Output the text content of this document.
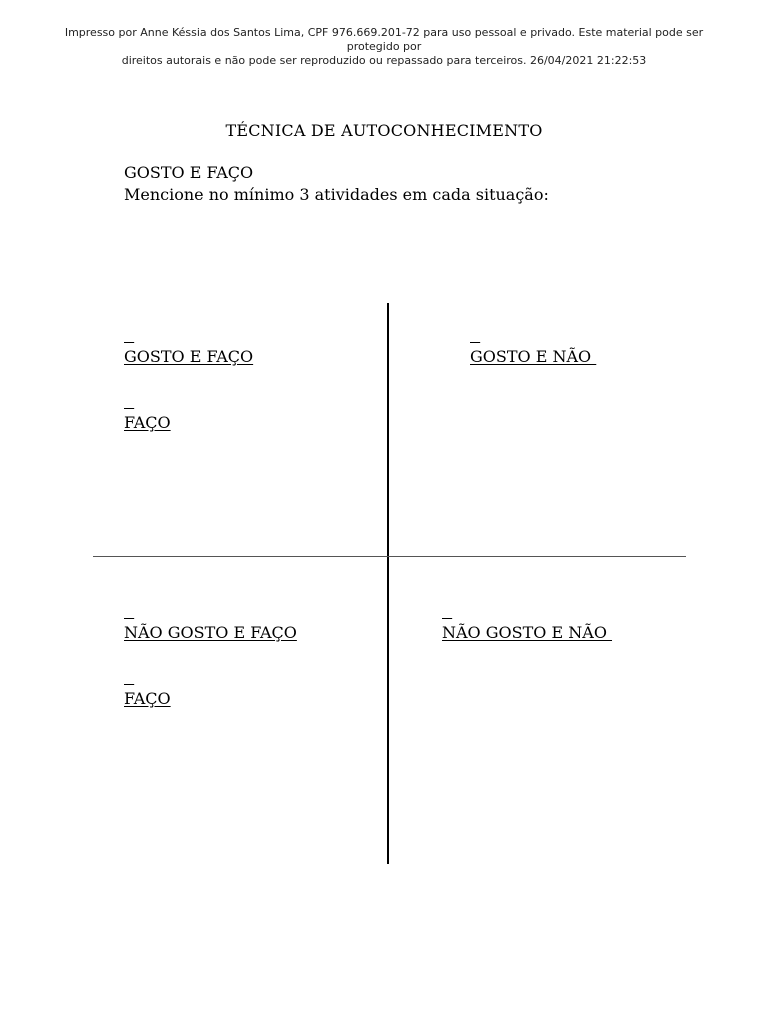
Impresso por Anne Késsia dos Santos Lima, CPF 976.669.201-72 para uso pessoal e privado. Este material pode ser protegido por
direitos autorais e não pode ser reproduzido ou repassado para terceiros. 26/04/2021 21:22:53
TÉCNICA DE AUTOCONHECIMENTO
GOSTO E FAÇO
Mencione no mínimo 3 atividades em cada situação:

GOSTO E FAÇO

FAÇO

GOSTO E NÃO

NÃO GOSTO E FAÇO

FAÇO

NÃO GOSTO E NÃO
